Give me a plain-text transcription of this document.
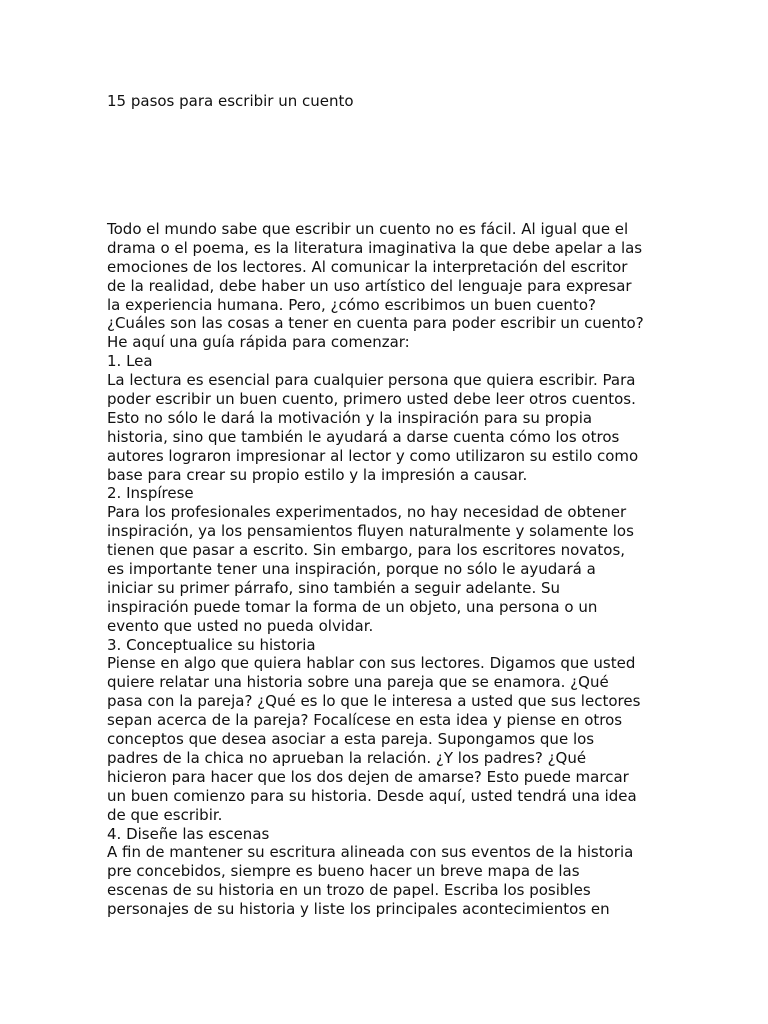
15 pasos para escribir un cuento
Todo el mundo sabe que escribir un cuento no es fácil. Al igual que el
drama o el poema, es la literatura imaginativa la que debe apelar a las
emociones de los lectores. Al comunicar la interpretación del escritor
de la realidad, debe haber un uso artístico del lenguaje para expresar
la experiencia humana. Pero, ¿cómo escribimos un buen cuento?
¿Cuáles son las cosas a tener en cuenta para poder escribir un cuento?
He aquí una guía rápida para comenzar:
1. Lea
La lectura es esencial para cualquier persona que quiera escribir. Para
poder escribir un buen cuento, primero usted debe leer otros cuentos.
Esto no sólo le dará la motivación y la inspiración para su propia
historia, sino que también le ayudará a darse cuenta cómo los otros
autores lograron impresionar al lector y como utilizaron su estilo como
base para crear su propio estilo y la impresión a causar.
2. Inspírese
Para los profesionales experimentados, no hay necesidad de obtener
inspiración, ya los pensamientos fluyen naturalmente y solamente los
tienen que pasar a escrito. Sin embargo, para los escritores novatos,
es importante tener una inspiración, porque no sólo le ayudará a
iniciar su primer párrafo, sino también a seguir adelante. Su
inspiración puede tomar la forma de un objeto, una persona o un
evento que usted no pueda olvidar.
3. Conceptualice su historia
Piense en algo que quiera hablar con sus lectores. Digamos que usted
quiere relatar una historia sobre una pareja que se enamora. ¿Qué
pasa con la pareja? ¿Qué es lo que le interesa a usted que sus lectores
sepan acerca de la pareja? Focalícese en esta idea y piense en otros
conceptos que desea asociar a esta pareja. Supongamos que los
padres de la chica no aprueban la relación. ¿Y los padres? ¿Qué
hicieron para hacer que los dos dejen de amarse? Esto puede marcar
un buen comienzo para su historia. Desde aquí, usted tendrá una idea
de que escribir.
4. Diseñe las escenas
A fin de mantener su escritura alineada con sus eventos de la historia
pre concebidos, siempre es bueno hacer un breve mapa de las
escenas de su historia en un trozo de papel. Escriba los posibles
personajes de su historia y liste los principales acontecimientos en
